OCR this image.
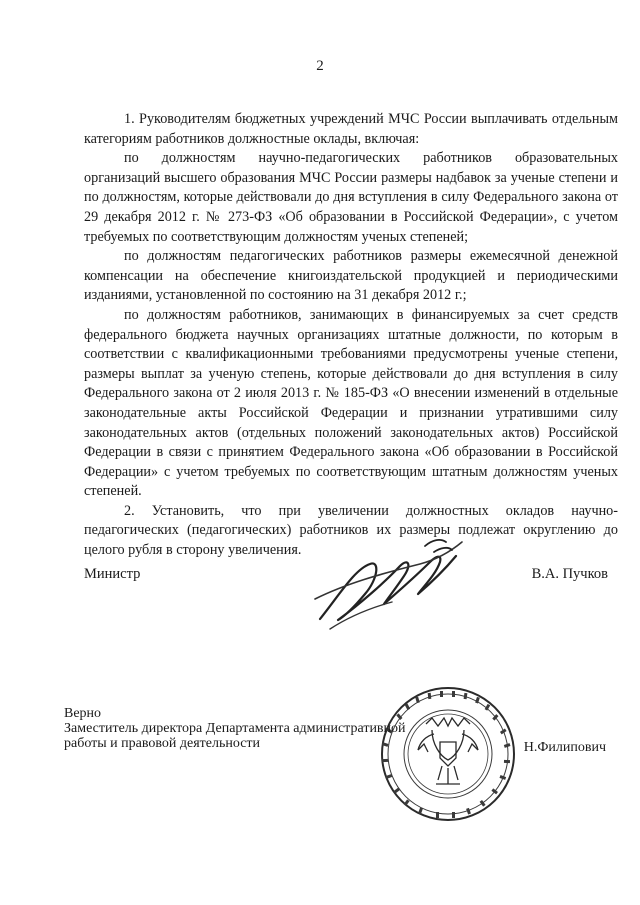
2

1. Руководителям бюджетных учреждений МЧС России выплачивать отдельным категориям работников должностные оклады, включая:

по должностям научно-педагогических работников образовательных организаций высшего образования МЧС России размеры надбавок за ученые степени и по должностям, которые действовали до дня вступления в силу Федерального закона от 29 декабря 2012 г. № 273-ФЗ «Об образовании в Российской Федерации», с учетом требуемых по соответствующим должностям ученых степеней;

по должностям педагогических работников размеры ежемесячной денежной компенсации на обеспечение книгоиздательской продукцией и периодическими изданиями, установленной по состоянию на 31 декабря 2012 г.;

по должностям работников, занимающих в финансируемых за счет средств федерального бюджета научных организациях штатные должности, по которым в соответствии с квалификационными требованиями предусмотрены ученые степени, размеры выплат за ученую степень, которые действовали до дня вступления в силу Федерального закона от 2 июля 2013 г. № 185-ФЗ «О внесении изменений в отдельные законодательные акты Российской Федерации и признании утратившими силу законодательных актов (отдельных положений законодательных актов) Российской Федерации в связи с принятием Федерального закона «Об образовании в Российской Федерации» с учетом требуемых по соответствующим штатным должностям ученых степеней.

2. Установить, что при увеличении должностных окладов научно-педагогических (педагогических) работников их размеры подлежат округлению до целого рубля в сторону увеличения.

Министр	В.А. Пучков
Верно
Заместитель директора Департамента административной
работы и правовой деятельности	Н.Филипович
